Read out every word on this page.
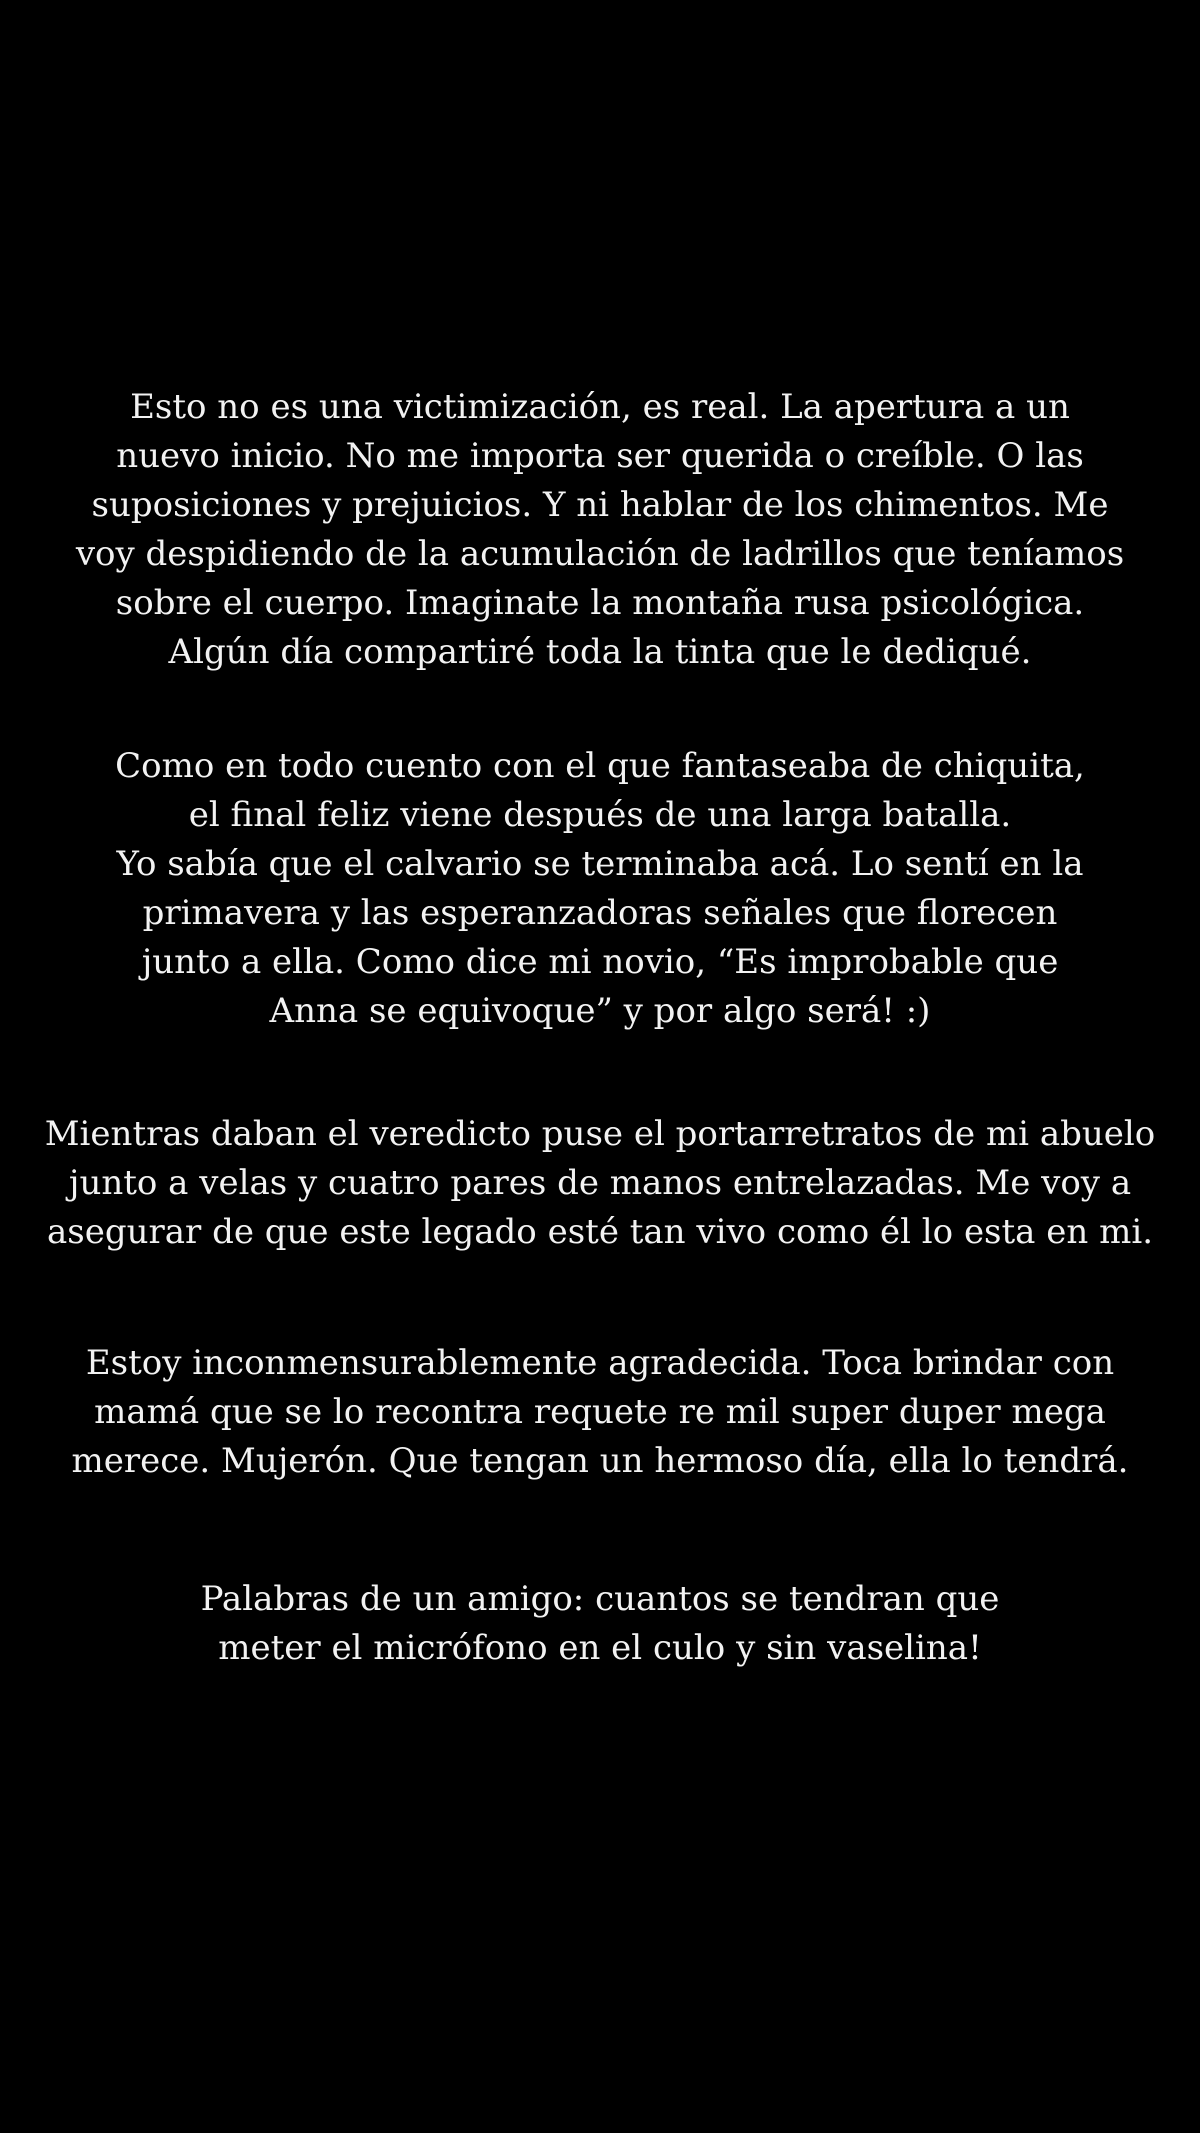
Esto no es una victimización, es real. La apertura a un
nuevo inicio. No me importa ser querida o creíble. O las
suposiciones y prejuicios. Y ni hablar de los chimentos. Me
voy despidiendo de la acumulación de ladrillos que teníamos
sobre el cuerpo. Imaginate la montaña rusa psicológica.
Algún día compartiré toda la tinta que le dediqué.

Como en todo cuento con el que fantaseaba de chiquita,
el final feliz viene después de una larga batalla.
Yo sabía que el calvario se terminaba acá. Lo sentí en la
primavera y las esperanzadoras señales que florecen
junto a ella. Como dice mi novio, “Es improbable que
Anna se equivoque” y por algo será! :)

Mientras daban el veredicto puse el portarretratos de mi abuelo
junto a velas y cuatro pares de manos entrelazadas. Me voy a
asegurar de que este legado esté tan vivo como él lo esta en mi.

Estoy inconmensurablemente agradecida. Toca brindar con
mamá que se lo recontra requete re mil super duper mega
merece. Mujerón. Que tengan un hermoso día, ella lo tendrá.

Palabras de un amigo: cuantos se tendran que
meter el micrófono en el culo y sin vaselina!
